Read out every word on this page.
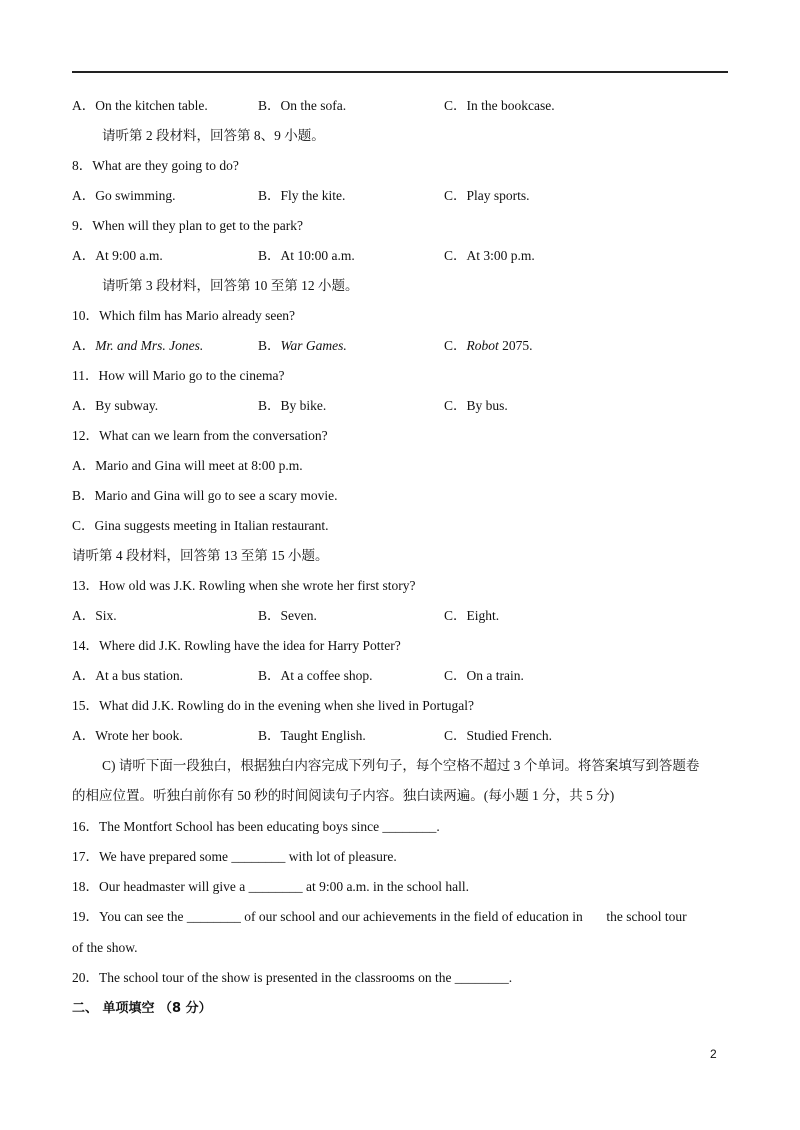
A．On the kitchen table.	B．On the sofa.	C．In the bookcase.
请听第 2 段材料，回答第 8、9 小题。
8．What are they going to do?
A．Go swimming.	B．Fly the kite.	C．Play sports.
9．When will they plan to get to the park?
A．At 9:00 a.m.	B．At 10:00 a.m.	C．At 3:00 p.m.
请听第 3 段材料，回答第 10 至第 12 小题。
10．Which film has Mario already seen?
A．Mr. and Mrs. Jones.	B．War Games.	C．Robot 2075.
11．How will Mario go to the cinema?
A．By subway.	B．By bike.	C．By bus.
12．What can we learn from the conversation?
A．Mario and Gina will meet at 8:00 p.m.
B．Mario and Gina will go to see a scary movie.
C．Gina suggests meeting in Italian restaurant.
请听第 4 段材料，回答第 13 至第 15 小题。
13．How old was J.K. Rowling when she wrote her first story?
A．Six.	B．Seven.	C．Eight.
14．Where did J.K. Rowling have the idea for Harry Potter?
A．At a bus station.	B．At a coffee shop.	C．On a train.
15．What did J.K. Rowling do in the evening when she lived in Portugal?
A．Wrote her book.	B．Taught English.	C．Studied French.
C) 请听下面一段独白，根据独白内容完成下列句子，每个空格不超过 3 个单词。将答案填写到答题卷
的相应位置。听独白前你有 50 秒的时间阅读句子内容。独白读两遍。(每小题 1 分，共 5 分)
16．The Montfort School has been educating boys since ________.
17．We have prepared some ________ with lot of pleasure.
18．Our headmaster will give a ________ at 9:00 a.m. in the school hall.
19．You can see the ________ of our school and our achievements in the field of education in       the school tour
of the show.
20．The school tour of the show is presented in the classrooms on the ________.
二、 单项填空 （8 分）
2
